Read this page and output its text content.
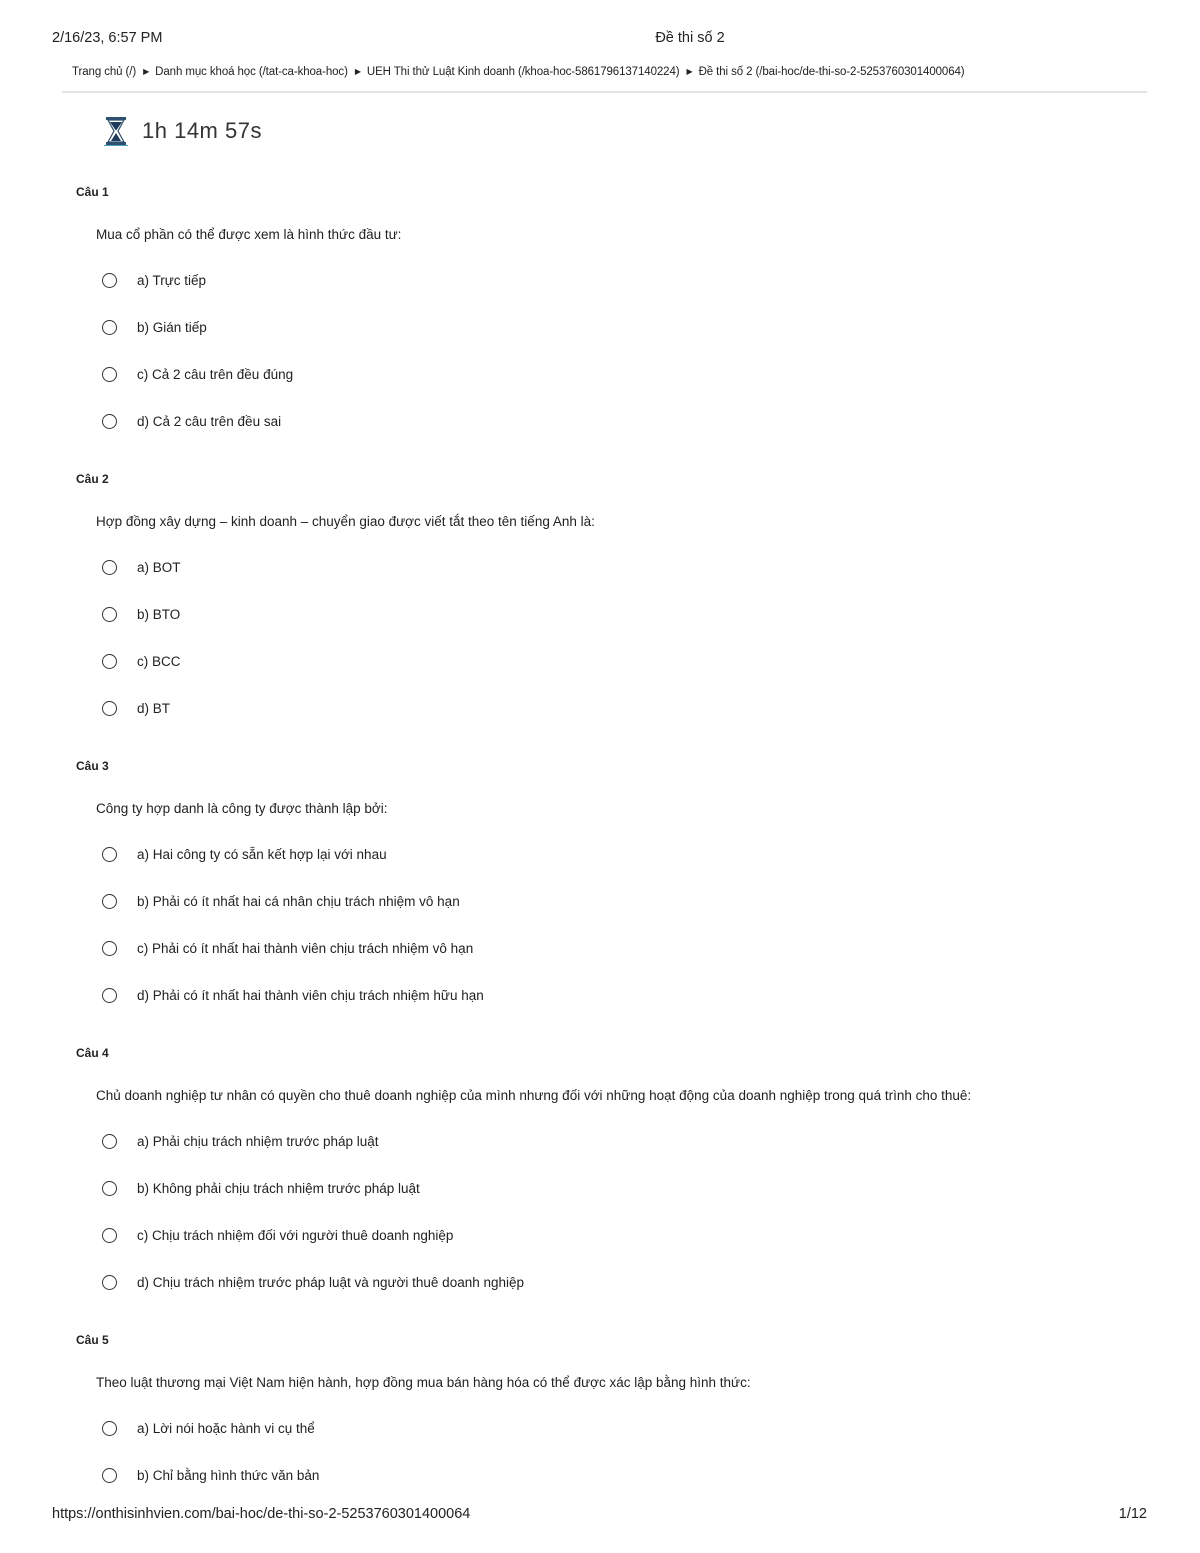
2/16/23, 6:57 PM	Đề thi số 2
Trang chủ (/) ▶ Danh mục khoá học (/tat-ca-khoa-hoc) ▶ UEH Thi thử Luật Kinh doanh (/khoa-hoc-5861796137140224) ▶ Đề thi số 2 (/bai-hoc/de-thi-so-2-5253760301400064)
1h 14m 57s
Câu 1
Mua cổ phần có thể được xem là hình thức đầu tư:
a) Trực tiếp
b) Gián tiếp
c) Cả 2 câu trên đều đúng
d) Cả 2 câu trên đều sai
Câu 2
Hợp đồng xây dựng – kinh doanh – chuyển giao được viết tắt theo tên tiếng Anh là:
a) BOT
b) BTO
c) BCC
d) BT
Câu 3
Công ty hợp danh là công ty được thành lập bởi:
a) Hai công ty có sẵn kết hợp lại với nhau
b) Phải có ít nhất hai cá nhân chịu trách nhiệm vô hạn
c) Phải có ít nhất hai thành viên chịu trách nhiệm vô hạn
d) Phải có ít nhất hai thành viên chịu trách nhiệm hữu hạn
Câu 4
Chủ doanh nghiệp tư nhân có quyền cho thuê doanh nghiệp của mình nhưng đối với những hoạt động của doanh nghiệp trong quá trình cho thuê:
a) Phải chịu trách nhiệm trước pháp luật
b) Không phải chịu trách nhiệm trước pháp luật
c) Chịu trách nhiệm đối với người thuê doanh nghiệp
d) Chịu trách nhiệm trước pháp luật và người thuê doanh nghiệp
Câu 5
Theo luật thương mại Việt Nam hiện hành, hợp đồng mua bán hàng hóa có thể được xác lập bằng hình thức:
a) Lời nói hoặc hành vi cụ thể
b) Chỉ bằng hình thức văn bản
https://onthisinhvien.com/bai-hoc/de-thi-so-2-5253760301400064	1/12
